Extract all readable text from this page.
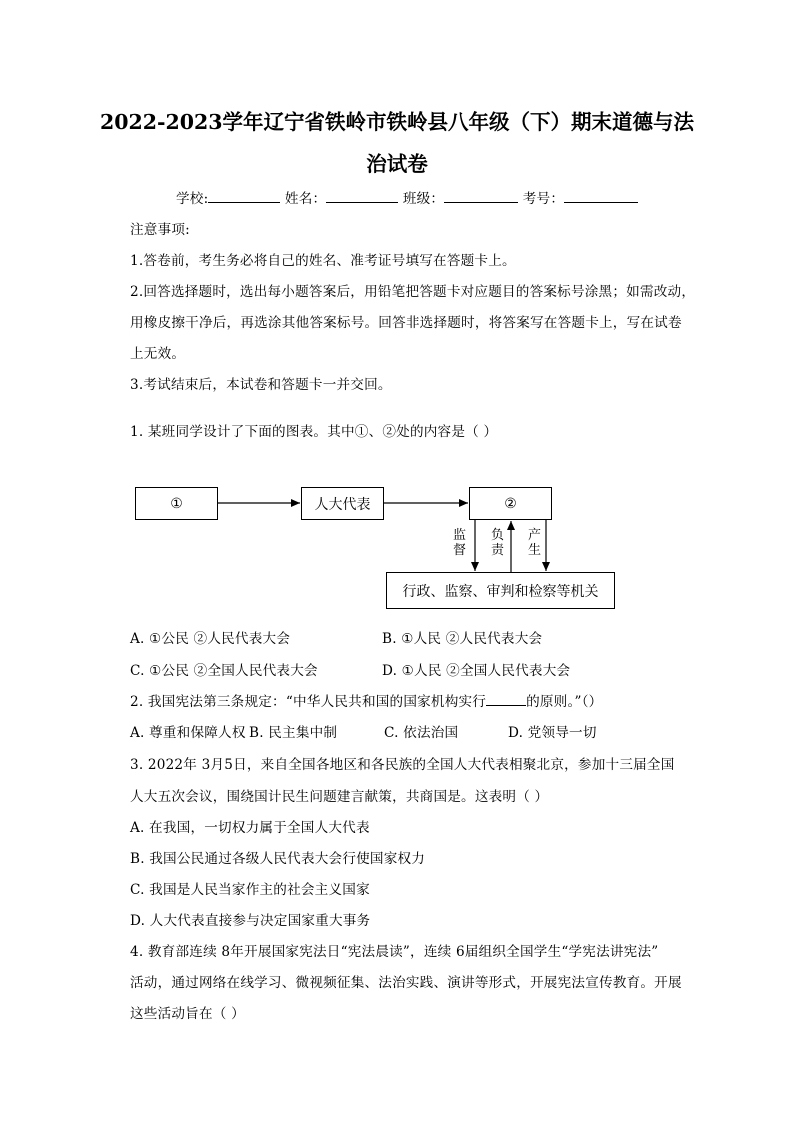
2022-2023学年辽宁省铁岭市铁岭县八年级（下）期末道德与法
治试卷
学校:	姓名：	班级：	考号：
注意事项:
1.答卷前，考生务必将自己的姓名、准考证号填写在答题卡上。
2.回答选择题时，选出每小题答案后，用铅笔把答题卡对应题目的答案标号涂黑；如需改动，
用橡皮擦干净后，再选涂其他答案标号。回答非选择题时，将答案写在答题卡上，写在试卷
上无效。
3.考试结束后，本试卷和答题卡一并交回。
1. 某班同学设计了下面的图表。其中①、②处的内容是（ ）
①	人大代表	②
行政、监察、审判和检察等机关
监督
负责
产生
A. ①公民 ②人民代表大会	B. ①人民 ②人民代表大会
C. ①公民 ②全国人民代表大会	D. ①人民 ②全国人民代表大会
2. 我国宪法第三条规定：“中华人民共和国的国家机构实行	的原则。”（）
A. 尊重和保障人权 B. 民主集中制	C. 依法治国	D. 党领导一切
3. 2022年 3月5日，来自全国各地区和各民族的全国人大代表相聚北京，参加十三届全国
人大五次会议，围绕国计民生问题建言献策，共商国是。这表明（ ）
A. 在我国，一切权力属于全国人大代表
B. 我国公民通过各级人民代表大会行使国家权力
C. 我国是人民当家作主的社会主义国家
D. 人大代表直接参与决定国家重大事务
4. 教育部连续 8年开展国家宪法日“宪法晨读”，连续 6届组织全国学生“学宪法讲宪法”
活动，通过网络在线学习、微视频征集、法治实践、演讲等形式，开展宪法宣传教育。开展
这些活动旨在（ ）
